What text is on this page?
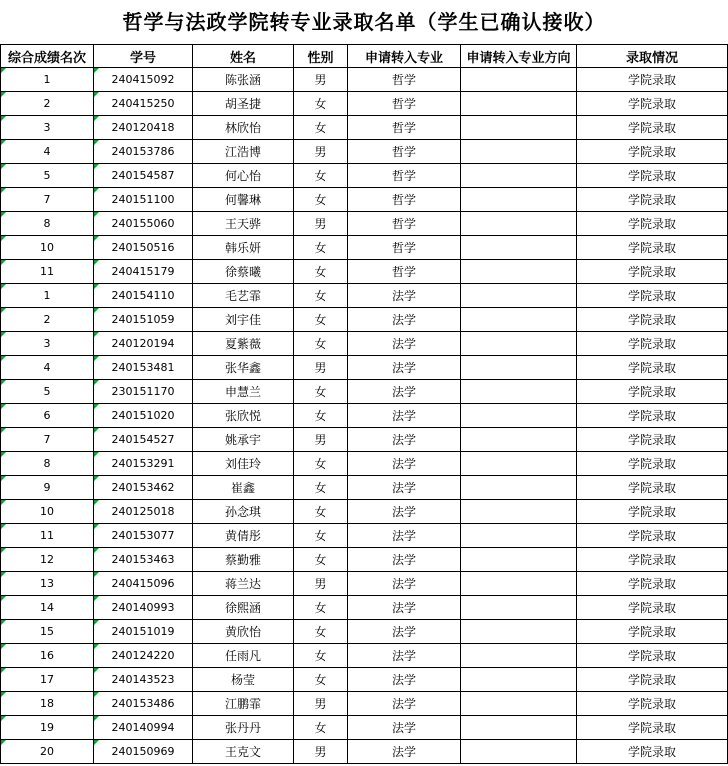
哲学与法政学院转专业录取名单（学生已确认接收）
综合成绩名次	学号	姓名	性别	申请转入专业	申请转入专业方向	录取情况
1	240415092	陈张涵	男	哲学		学院录取
2	240415250	胡圣捷	女	哲学		学院录取
3	240120418	林欣怡	女	哲学		学院录取
4	240153786	江浩博	男	哲学		学院录取
5	240154587	何心怡	女	哲学		学院录取
7	240151100	何馨琳	女	哲学		学院录取
8	240155060	王天骅	男	哲学		学院录取
10	240150516	韩乐妍	女	哲学		学院录取
11	240415179	徐蔡曦	女	哲学		学院录取
1	240154110	毛艺霏	女	法学		学院录取
2	240151059	刘宇佳	女	法学		学院录取
3	240120194	夏紫薇	女	法学		学院录取
4	240153481	张华鑫	男	法学		学院录取
5	230151170	申慧兰	女	法学		学院录取
6	240151020	张欣悦	女	法学		学院录取
7	240154527	姚承宇	男	法学		学院录取
8	240153291	刘佳玲	女	法学		学院录取
9	240153462	崔鑫	女	法学		学院录取
10	240125018	孙念琪	女	法学		学院录取
11	240153077	黄倩彤	女	法学		学院录取
12	240153463	蔡勤雅	女	法学		学院录取
13	240415096	蒋兰达	男	法学		学院录取
14	240140993	徐熙涵	女	法学		学院录取
15	240151019	黄欣怡	女	法学		学院录取
16	240124220	任雨凡	女	法学		学院录取
17	240143523	杨莹	女	法学		学院录取
18	240153486	江鹏霏	男	法学		学院录取
19	240140994	张丹丹	女	法学		学院录取
20	240150969	王克文	男	法学		学院录取
